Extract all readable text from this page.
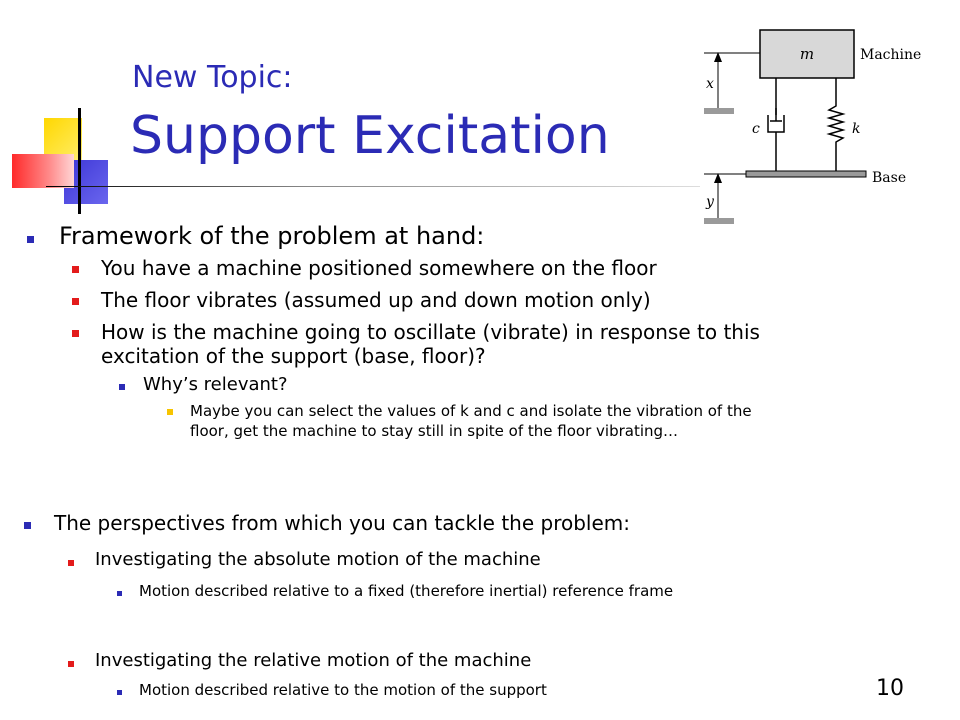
New Topic:
Support Excitation
m	Machine
x
c	k
Base
y
Framework of the problem at hand:
You have a machine positioned somewhere on the floor
The floor vibrates (assumed up and down motion only)
How is the machine going to oscillate (vibrate) in response to this
excitation of the support (base, floor)?
Why’s relevant?
Maybe you can select the values of k and c and isolate the vibration of the
floor, get the machine to stay still in spite of the floor vibrating…
The perspectives from which you can tackle the problem:
Investigating the absolute motion of the machine
Motion described relative to a fixed (therefore inertial) reference frame
Investigating the relative motion of the machine
Motion described relative to the motion of the support	10
